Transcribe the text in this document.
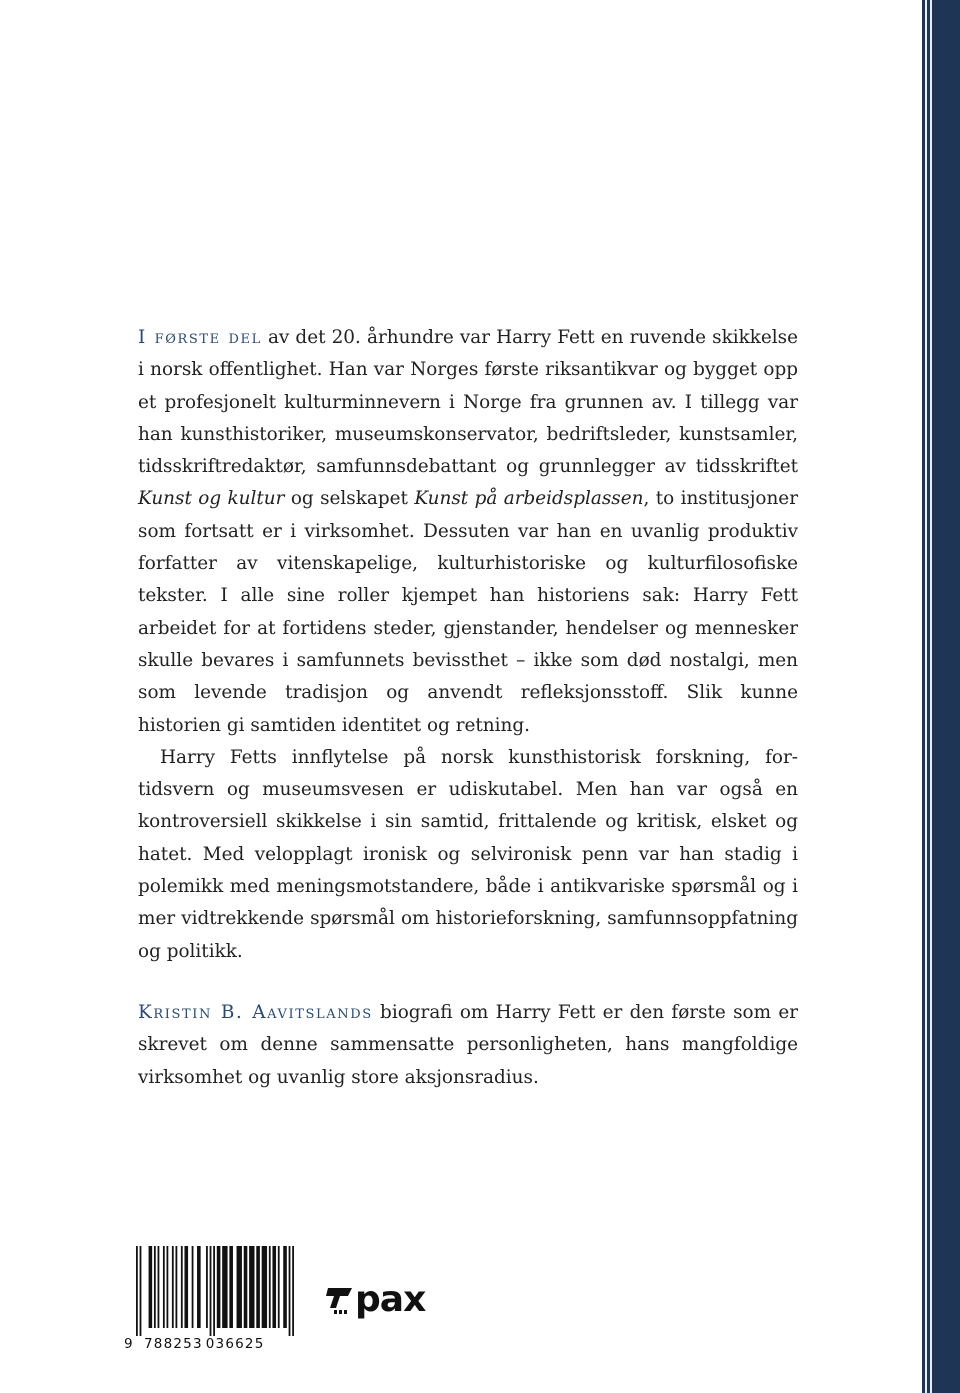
I første del av det 20. århundre var Harry Fett en ruvende skikkelse i norsk offentlighet. Han var Norges første riksantikvar og bygget opp et profesjonelt kulturminnevern i Norge fra grunnen av. I tillegg var han kunsthistoriker, museumskonservator, bedriftsleder, kunstsamler, tidsskriftredaktør, samfunnsdebattant og grunnlegger av tidsskriftet Kunst og kultur og selskapet Kunst på arbeidsplassen, to institusjoner som fortsatt er i virksomhet. Dessuten var han en uvanlig produktiv forfatter av vitenskapelige, kulturhistoriske og kulturfilosofiske tekster. I alle sine roller kjempet han historiens sak: Harry Fett arbeidet for at fortidens steder, gjenstander, hendelser og mennesker skulle bevares i samfunnets bevissthet – ikke som død nostalgi, men som levende tradisjon og anvendt refleksjonsstoff. Slik kunne historien gi samtiden identitet og retning.

Harry Fetts innflytelse på norsk kunsthistorisk forskning, fortidsvern og museumsvesen er udiskutabel. Men han var også en kontroversiell skikkelse i sin samtid, frittalende og kritisk, elsket og hatet. Med velopplagt ironisk og selvironisk penn var han stadig i polemikk med meningsmotstandere, både i antikvariske spørsmål og i mer vidtrekkende spørsmål om historieforskning, samfunnsoppfatning og politikk.

Kristin B. Aavitslands biografi om Harry Fett er den første som er skrevet om denne sammensatte personligheten, hans mangfoldige virksomhet og uvanlig store aksjonsradius.

9 788253 036625
pax
